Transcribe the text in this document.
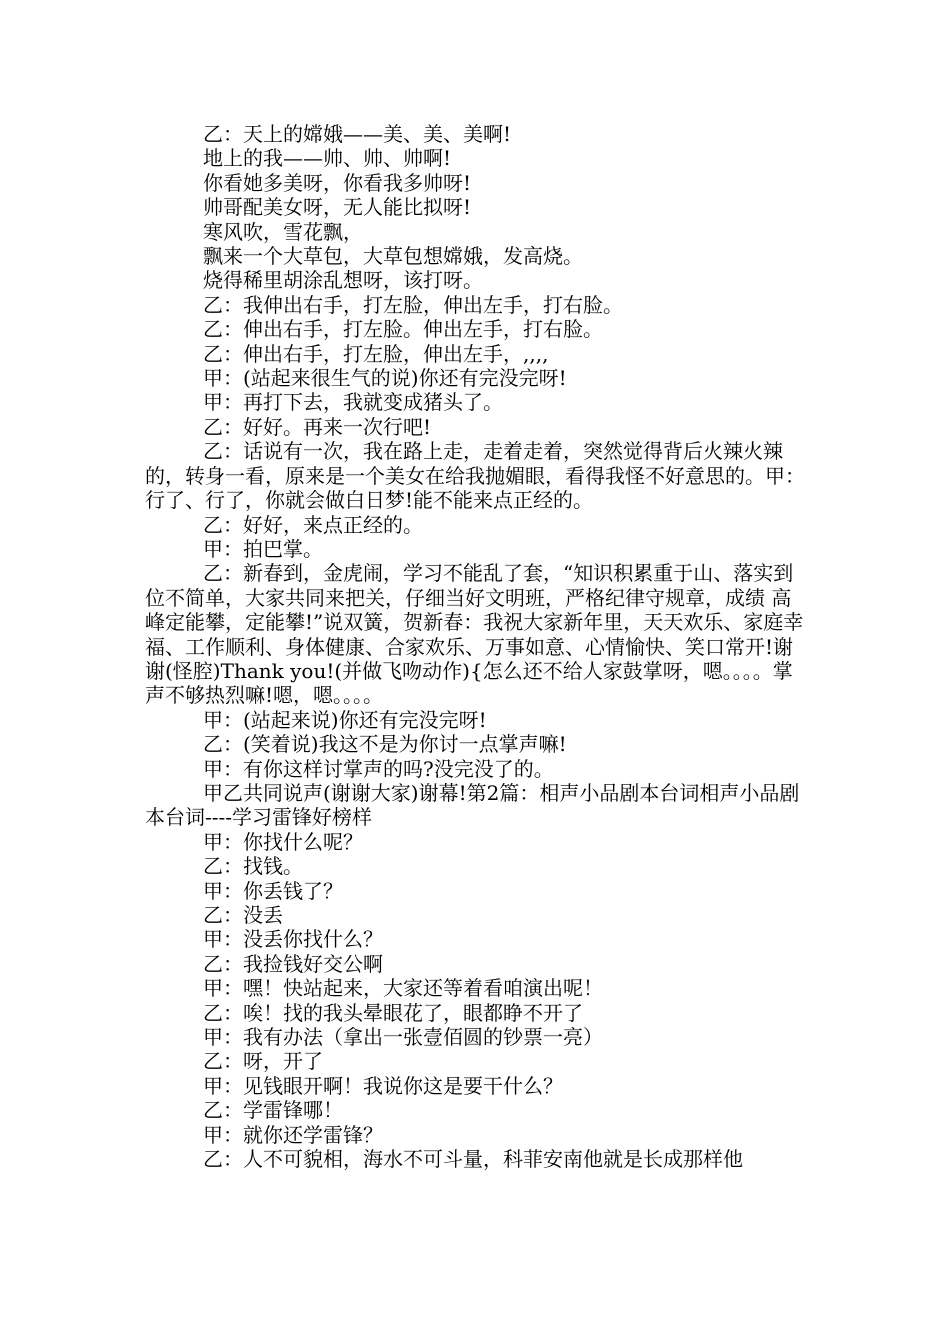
乙：天上的嫦娥——美、美、美啊!

地上的我——帅、帅、帅啊!

你看她多美呀，你看我多帅呀!

帅哥配美女呀，无人能比拟呀!

寒风吹，雪花飘，

飘来一个大草包，大草包想嫦娥，发高烧。

烧得稀里胡涂乱想呀，该打呀。

乙：我伸出右手，打左脸，伸出左手，打右脸。

乙：伸出右手，打左脸。伸出左手，打右脸。

乙：伸出右手，打左脸，伸出左手，,,,,

甲：(站起来很生气的说)你还有完没完呀!

甲：再打下去，我就变成猪头了。

乙：好好。再来一次行吧!

乙：话说有一次，我在路上走，走着走着，突然觉得背后火辣火辣的，转身一看，原来是一个美女在给我抛媚眼，看得我怪不好意思的。甲：行了、行了，你就会做白日梦!能不能来点正经的。

乙：好好，来点正经的。

甲：拍巴掌。

乙：新春到，金虎闹，学习不能乱了套，“知识积累重于山、落实到位不简单，大家共同来把关，仔细当好文明班，严格纪律守规章，成绩 高峰定能攀，定能攀!”说双簧，贺新春：我祝大家新年里，天天欢乐、家庭幸福、工作顺利、身体健康、合家欢乐、万事如意、心情愉快、笑口常开!谢谢(怪腔)Thank you!(并做飞吻动作){怎么还不给人家鼓掌呀，嗯。。。。掌声不够热烈嘛!嗯，嗯。。。。

甲：(站起来说)你还有完没完呀!

乙：(笑着说)我这不是为你讨一点掌声嘛!

甲：有你这样讨掌声的吗?没完没了的。

甲乙共同说声(谢谢大家)谢幕!第2篇：相声小品剧本台词相声小品剧本台词----学习雷锋好榜样

甲：你找什么呢？

乙：找钱。

甲：你丢钱了？

乙：没丢

甲：没丢你找什么？

乙：我捡钱好交公啊

甲：嘿！快站起来，大家还等着看咱演出呢！

乙：唉！找的我头晕眼花了，眼都睁不开了

甲：我有办法（拿出一张壹佰圆的钞票一亮）

乙：呀，开了

甲：见钱眼开啊！我说你这是要干什么？

乙：学雷锋哪！

甲：就你还学雷锋？

乙：人不可貌相，海水不可斗量，科菲安南他就是长成那样他
